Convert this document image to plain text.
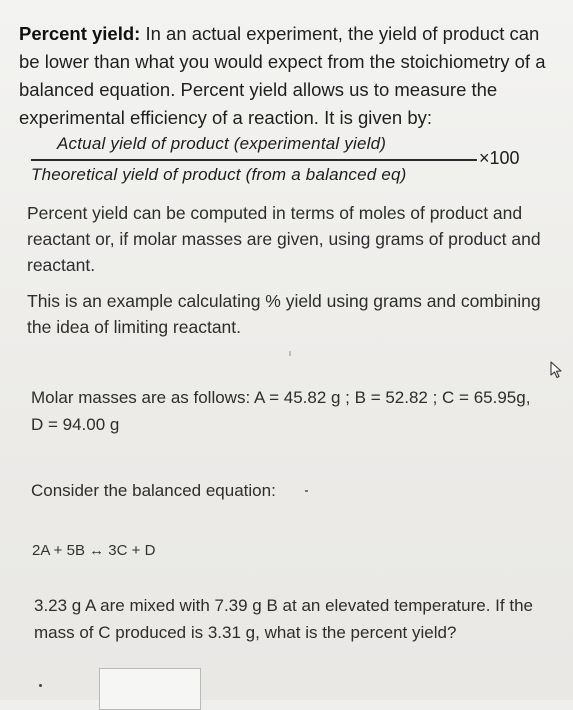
Percent yield: In an actual experiment, the yield of product can be lower than what you would expect from the stoichiometry of a balanced equation. Percent yield allows us to measure the experimental efficiency of a reaction. It is given by:
Actual yield of product (experimental yield)
Theoretical yield of product (from a balanced eq)
×100
Percent yield can be computed in terms of moles of product and reactant or, if molar masses are given, using grams of product and reactant.
This is an example calculating % yield using grams and combining the idea of limiting reactant.
Molar masses are as follows: A = 45.82 g ; B = 52.82 ; C = 65.95g, D = 94.00 g
Consider the balanced equation:
2A + 5B ↔ 3C + D
3.23 g A are mixed with 7.39 g B at an elevated temperature. If the mass of C produced is 3.31 g, what is the percent yield?
